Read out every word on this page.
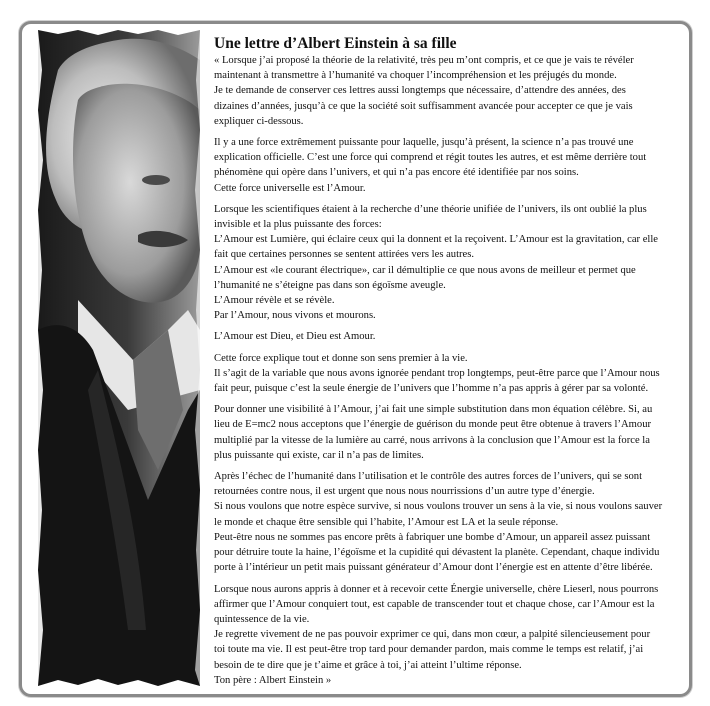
Une lettre d’Albert Einstein à sa fille
« Lorsque j’ai proposé la théorie de la relativité, très peu m’ont compris, et ce que je vais te révéler
maintenant à transmettre à l’humanité va choquer l’incompréhension et les préjugés du monde.
Je te demande de conserver ces lettres aussi longtemps que nécessaire, d’attendre des années, des
dizaines d’années, jusqu’à ce que la société soit suffisamment avancée pour accepter ce que je vais
expliquer ci-dessous.
Il y a une force extrêmement puissante pour laquelle, jusqu’à présent, la science n’a pas trouvé une
explication officielle. C’est une force qui comprend et régit toutes les autres, et est même derrière tout
phénomène qui opère dans l’univers, et qui n’a pas encore été identifiée par nos soins.
Cette force universelle est l’Amour.
Lorsque les scientifiques étaient à la recherche d’une théorie unifiée de l’univers, ils ont oublié la plus
invisible et la plus puissante des forces:
L’Amour est Lumière, qui éclaire ceux qui la donnent et la reçoivent. L’Amour est la gravitation, car elle
fait que certaines personnes se sentent attirées vers les autres.
L’Amour est «le courant électrique», car il démultiplie ce que nous avons de meilleur et permet que
l’humanité ne s’éteigne pas dans son égoïsme aveugle.
L’Amour révèle et se révèle.
Par l’Amour, nous vivons et mourons.
L’Amour est Dieu, et Dieu est Amour.
Cette force explique tout et donne son sens premier à la vie.
Il s’agit de la variable que nous avons ignorée pendant trop longtemps, peut-être parce que l’Amour nous
fait peur, puisque c’est la seule énergie de l’univers que l’homme n’a pas appris à gérer par sa volonté.
Pour donner une visibilité à l’Amour, j’ai fait une simple substitution dans mon équation célèbre. Si, au
lieu de E=mc2 nous acceptons que l’énergie de guérison du monde peut être obtenue à travers l’Amour
multiplié par la vitesse de la lumière au carré, nous arrivons à la conclusion que l’Amour est la force la
plus puissante qui existe, car il n’a pas de limites.
Après l’échec de l’humanité dans l’utilisation et le contrôle des autres forces de l’univers, qui se sont
retournées contre nous, il est urgent que nous nous nourrissions d’un autre type d’énergie.
Si nous voulons que notre espèce survive, si nous voulons trouver un sens à la vie, si nous voulons sauver
le monde et chaque être sensible qui l’habite, l’Amour est LA et la seule réponse.
Peut-être nous ne sommes pas encore prêts à fabriquer une bombe d’Amour, un appareil assez puissant
pour détruire toute la haine, l’égoïsme et la cupidité qui dévastent la planète. Cependant, chaque individu
porte à l’intérieur un petit mais puissant générateur d’Amour dont l’énergie est en attente d’être libérée.
Lorsque nous aurons appris à donner et à recevoir cette Énergie universelle, chère Lieserl, nous pourrons
affirmer que l’Amour conquiert tout, est capable de transcender tout et chaque chose, car l’Amour est la
quintessence de la vie.
Je regrette vivement de ne pas pouvoir exprimer ce qui, dans mon cœur, a palpité silencieusement pour
toi toute ma vie. Il est peut-être trop tard pour demander pardon, mais comme le temps est relatif, j’ai
besoin de te dire que je t’aime et grâce à toi, j’ai atteint l’ultime réponse.
Ton père : Albert Einstein »
